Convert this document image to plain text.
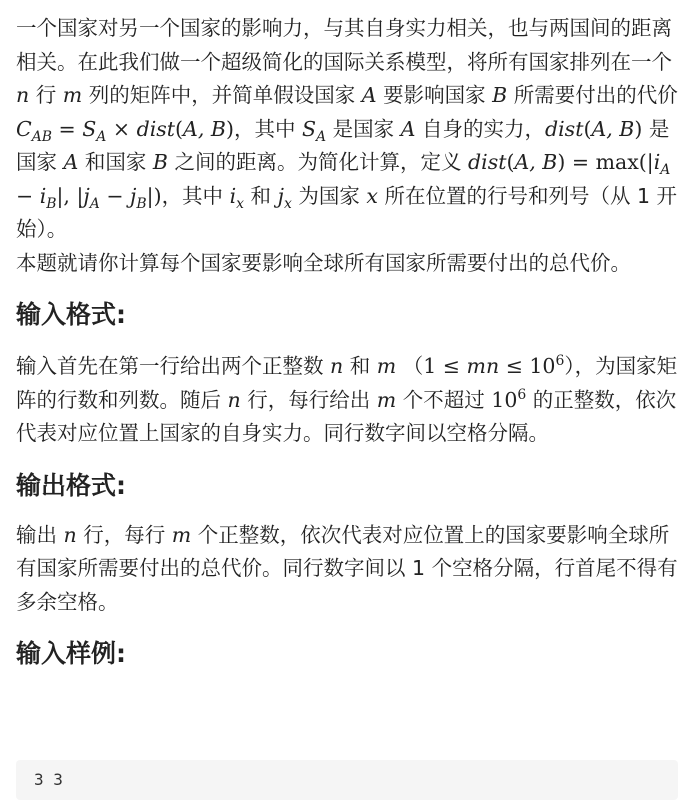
一个国家对另一个国家的影响力，与其自身实力相关，也与两国间的距离相关。在此我们做一个超级简化的国际关系模型，将所有国家排列在一个 n 行 m 列的矩阵中，并简单假设国家 A 要影响国家 B 所需要付出的代价 $C_{AB} = S_A$ × dist(A, B)，其中 $S_A$ 是国家 A 自身的实力，dist(A, B) 是国家 A 和国家 B 之间的距离。为简化计算，定义 dist(A, $B) = \max(|i_A - i_B|$, $|j_A - j_B|$)，其中 $i_x$ 和 $j_x$ 为国家 x 所在位置的行号和列号（从 1 开始）。
本题就请你计算每个国家要影响全球所有国家所需要付出的总代价。

输入格式:

输入首先在第一行给出两个正整数 n 和 m （1 ≤ mn ≤ $10^6$），为国家矩阵的行数和列数。随后 n 行，每行给出 m 个不超过 $10^6$ 的正整数，依次代表对应位置上国家的自身实力。同行数字间以空格分隔。

输出格式:

输出 n 行，每行 m 个正整数，依次代表对应位置上的国家要影响全球所有国家所需要付出的总代价。同行数字间以 1 个空格分隔，行首尾不得有多余空格。

输入样例:
3 3
